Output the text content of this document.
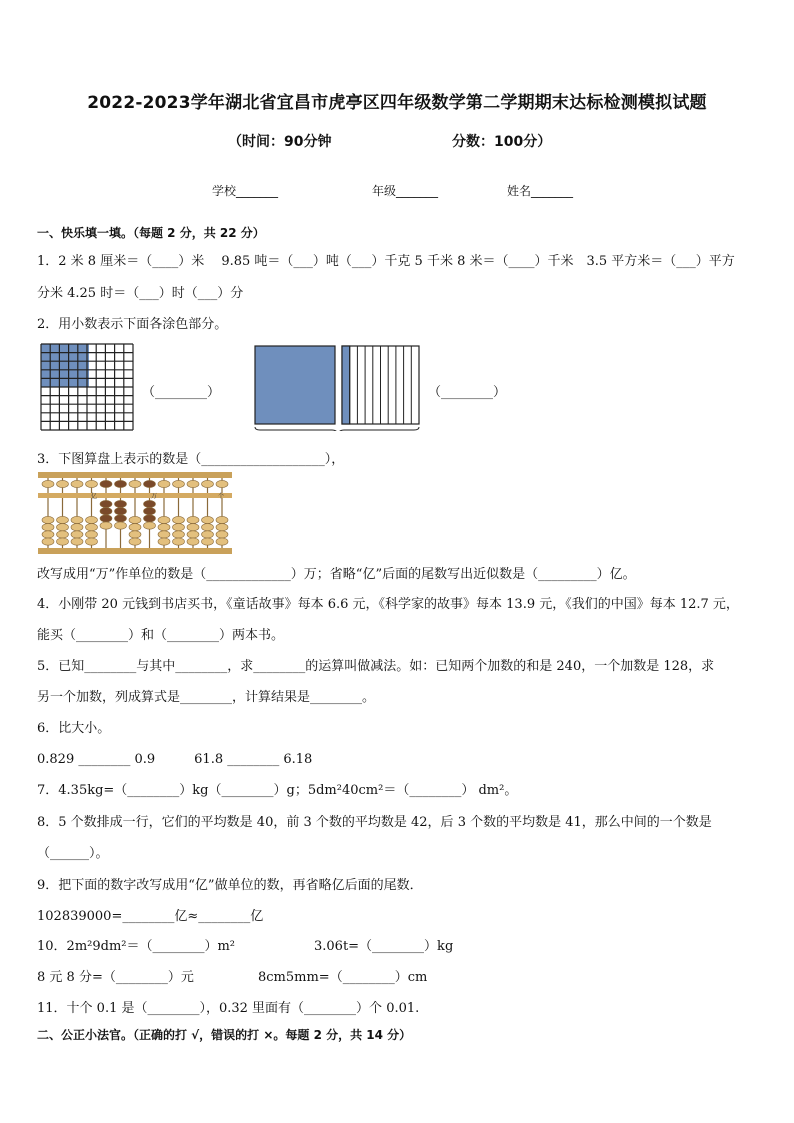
2022-2023学年湖北省宜昌市虎亭区四年级数学第二学期期末达标检测模拟试题
（时间：90分钟	分数：100分）
学校_______	年级_______	姓名_______
一、快乐填一填。（每题 2 分，共 22 分）
1．2 米 8 厘米＝（____）米　 9.85 吨＝（___）吨（___）千克 5 千米 8 米＝（____）千米　3.5 平方米＝（___）平方
分米 4.25 时＝（___）时（___）分
2．用小数表示下面各涂色部分。
（________）	（________）
3．下图算盘上表示的数是（___________________），
亿	万	个
改写成用“万”作单位的数是（_____________）万；省略“亿”后面的尾数写出近似数是（_________）亿。
4．小刚带 20 元钱到书店买书，《童话故事》每本 6.6 元，《科学家的故事》每本 13.9 元，《我们的中国》每本 12.7 元，
能买（________）和（________）两本书。
5．已知________与其中________，求________的运算叫做减法。如：已知两个加数的和是 240，一个加数是 128，求
另一个加数，列成算式是________，计算结果是________。
6．比大小。
0.829 ________ 0.9　　　61.8 ________ 6.18
7．4.35kg=（________）kg（________）g；5dm²40cm²＝（________） dm²。
8．5 个数排成一行，它们的平均数是 40，前 3 个数的平均数是 42，后 3 个数的平均数是 41，那么中间的一个数是
（______）。
9．把下面的数字改写成用“亿”做单位的数，再省略亿后面的尾数．
102839000=________亿≈________亿
10．2m²9dm²＝（________）m²	3.06t=（________）kg
8 元 8 分=（________）元	8cm5mm=（________）cm
11．十个 0.1 是（________），0.32 里面有（________）个 0.01.
二、公正小法官。（正确的打 √，错误的打 ×。每题 2 分，共 14 分）
